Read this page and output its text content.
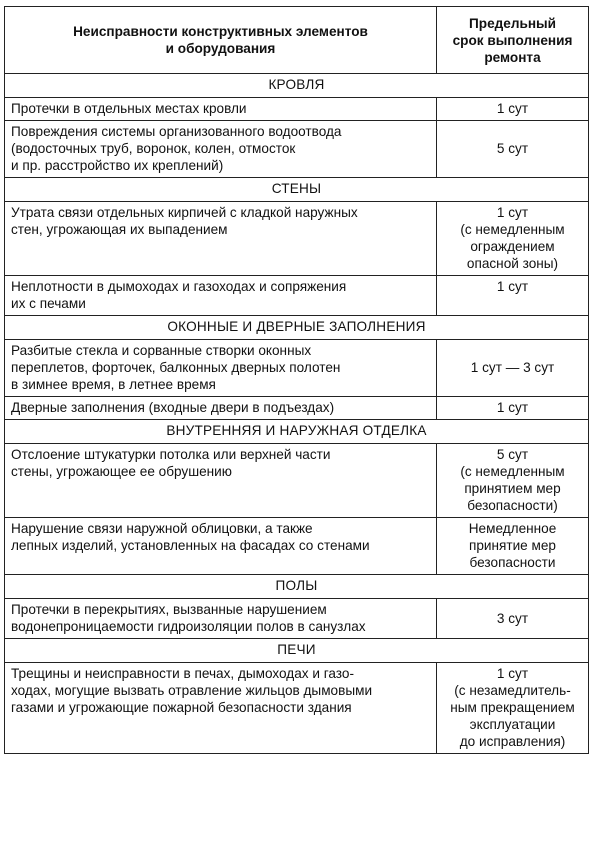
Неисправности конструктивных элементов
и оборудования	Предельный
срок выполнения
ремонта

КРОВЛЯ	

Протечки в отдельных местах кровли	1 сут

Повреждения системы организованного водоотвода
(водосточных труб, воронок, колен, отмосток
и пр. расстройство их креплений)	5 сут

СТЕНЫ	

Утрата связи отдельных кирпичей с кладкой наружных
стен, угрожающая их выпадением	1 сут
(с немедленным
ограждением
опасной зоны)

Неплотности в дымоходах и газоходах и сопряжения
их с печами	1 сут

ОКОННЫЕ И ДВЕРНЫЕ ЗАПОЛНЕНИЯ	

Разбитые стекла и сорванные створки оконных
переплетов, форточек, балконных дверных полотен
в зимнее время, в летнее время	1 сут — 3 сут

Дверные заполнения (входные двери в подъездах)	1 сут

ВНУТРЕННЯЯ И НАРУЖНАЯ ОТДЕЛКА	

Отслоение штукатурки потолка или верхней части
стены, угрожающее ее обрушению	5 сут
(с немедленным
принятием мер
безопасности)

Нарушение связи наружной облицовки, а также
лепных изделий, установленных на фасадах со стенами	Немедленное
принятие мер
безопасности

ПОЛЫ	

Протечки в перекрытиях, вызванные нарушением
водонепроницаемости гидроизоляции полов в санузлах	3 сут

ПЕЧИ	

Трещины и неисправности в печах, дымоходах и газо-
ходах, могущие вызвать отравление жильцов дымовыми
газами и угрожающие пожарной безопасности здания	1 сут
(с незамедлитель-
ным прекращением
эксплуатации
до исправления)
